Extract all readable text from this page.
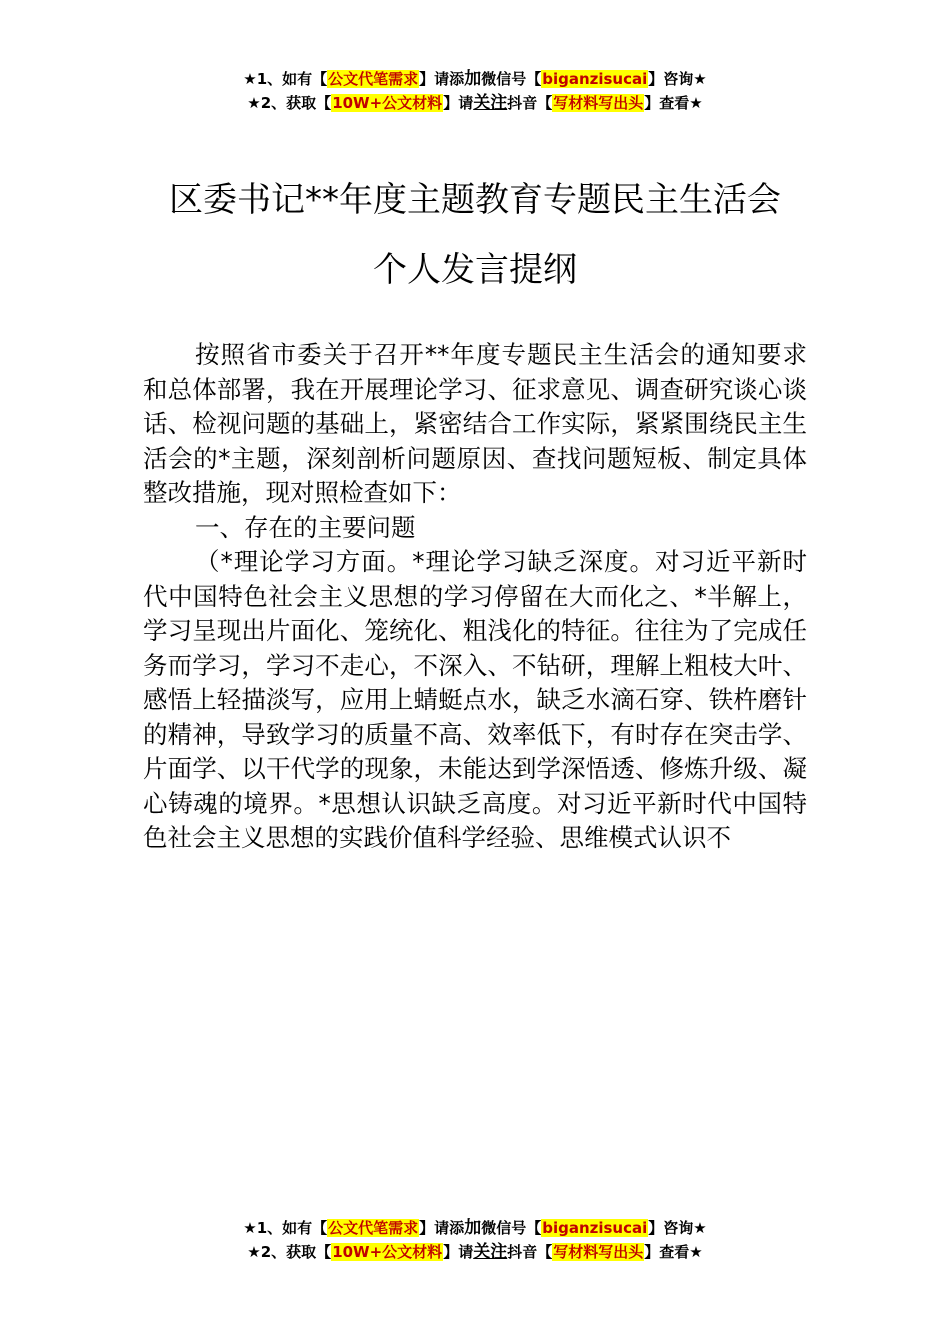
★1、如有【公文代笔需求】请添加微信号【biganzisucai】咨询★
★2、获取【10W+公文材料】请关注抖音【写材料写出头】查看★
区委书记**年度主题教育专题民主生活会
个人发言提纲

按照省市委关于召开**年度专题民主生活会的通知要求和总体部署，我在开展理论学习、征求意见、调查研究谈心谈话、检视问题的基础上，紧密结合工作实际，紧紧围绕民主生活会的*主题，深刻剖析问题原因、查找问题短板、制定具体整改措施，现对照检查如下：

一、存在的主要问题

（*理论学习方面。*理论学习缺乏深度。对习近平新时代中国特色社会主义思想的学习停留在大而化之、*半解上，学习呈现出片面化、笼统化、粗浅化的特征。往往为了完成任务而学习，学习不走心，不深入、不钻研，理解上粗枝大叶、感悟上轻描淡写，应用上蜻蜓点水，缺乏水滴石穿、铁杵磨针的精神，导致学习的质量不高、效率低下，有时存在突击学、片面学、以干代学的现象，未能达到学深悟透、修炼升级、凝心铸魂的境界。*思想认识缺乏高度。对习近平新时代中国特色社会主义思想的实践价值科学经验、思维模式认识不

★1、如有【公文代笔需求】请添加微信号【biganzisucai】咨询★
★2、获取【10W+公文材料】请关注抖音【写材料写出头】查看★
